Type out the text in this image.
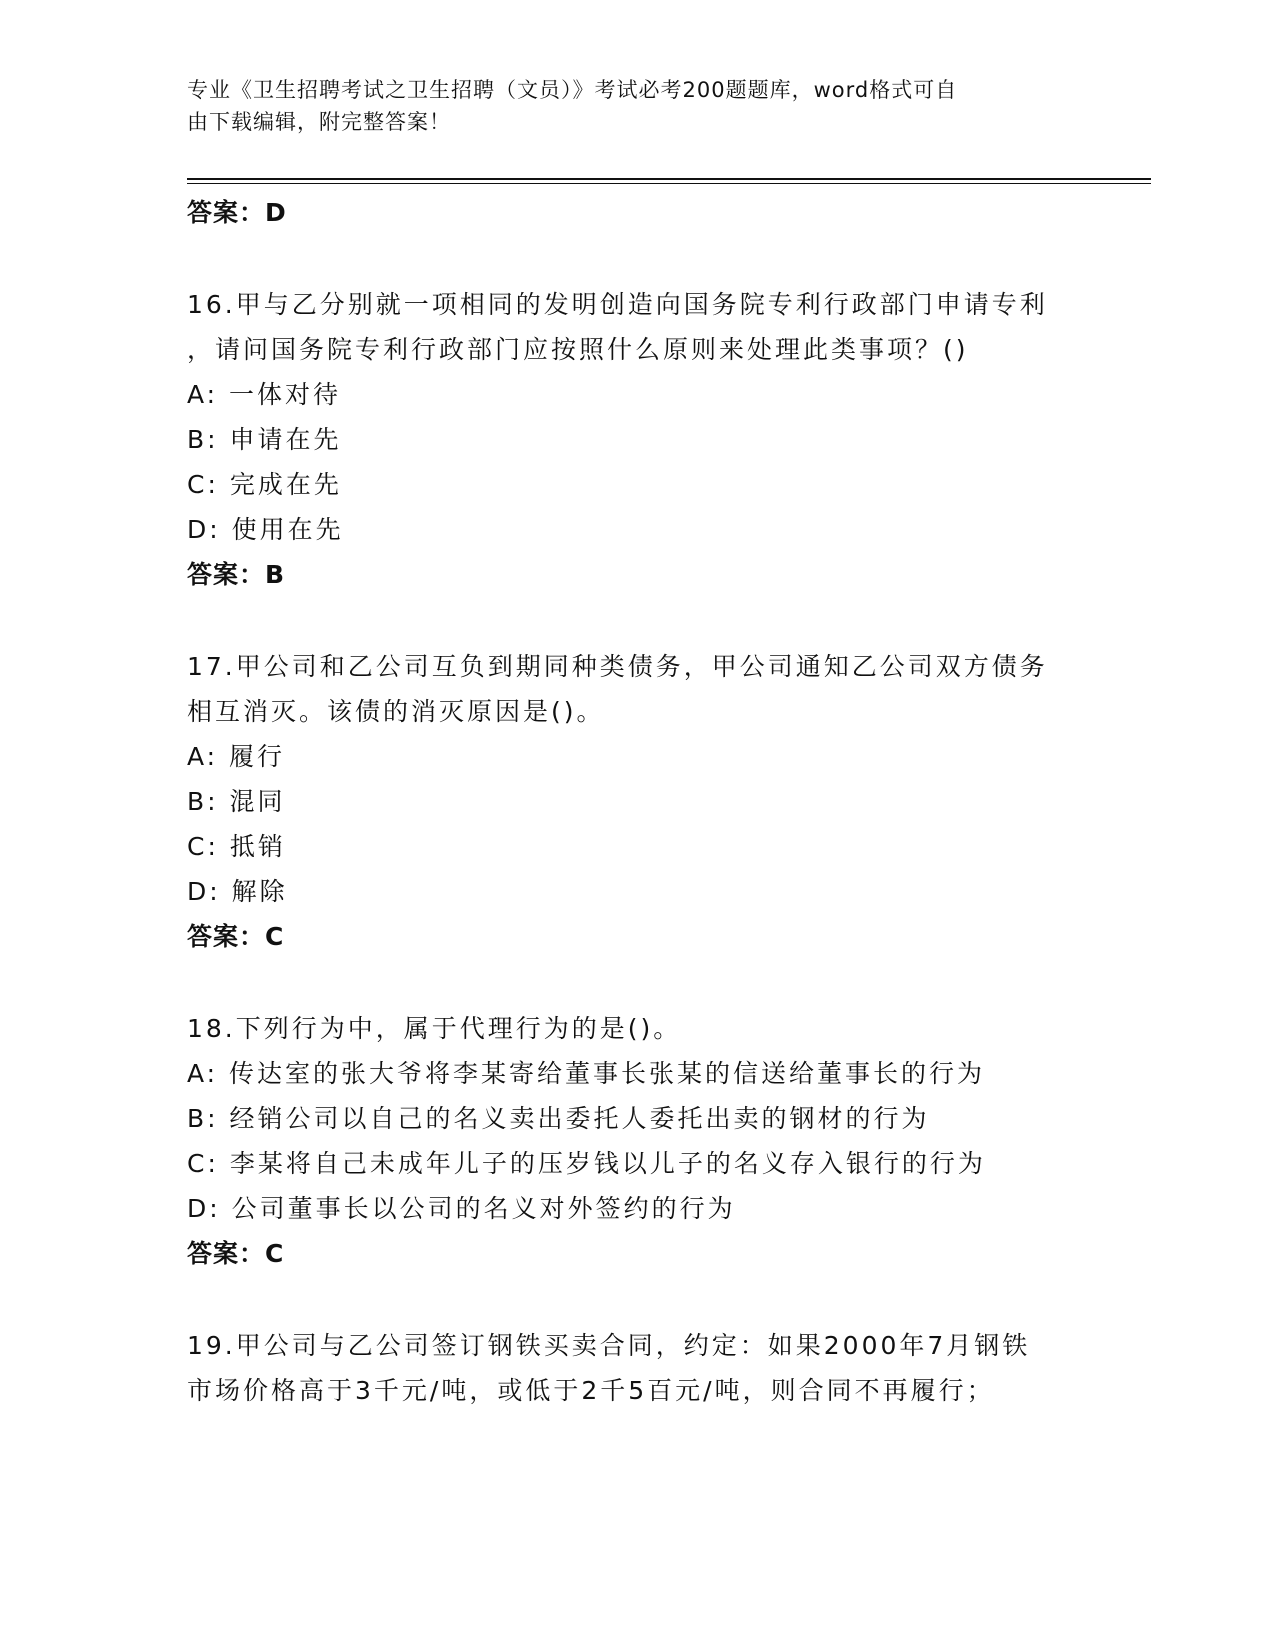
专业《卫生招聘考试之卫生招聘（文员）》考试必考200题题库，word格式可自
由下载编辑，附完整答案！
答案：D
16.甲与乙分别就一项相同的发明创造向国务院专利行政部门申请专利
，请问国务院专利行政部门应按照什么原则来处理此类事项？()
A: 一体对待
B: 申请在先
C: 完成在先
D: 使用在先
答案：B
17.甲公司和乙公司互负到期同种类债务，甲公司通知乙公司双方债务
相互消灭。该债的消灭原因是()。
A: 履行
B: 混同
C: 抵销
D: 解除
答案：C
18.下列行为中，属于代理行为的是()。
A: 传达室的张大爷将李某寄给董事长张某的信送给董事长的行为
B: 经销公司以自己的名义卖出委托人委托出卖的钢材的行为
C: 李某将自己未成年儿子的压岁钱以儿子的名义存入银行的行为
D: 公司董事长以公司的名义对外签约的行为
答案：C
19.甲公司与乙公司签订钢铁买卖合同，约定：如果2000年7月钢铁
市场价格高于3千元/吨，或低于2千5百元/吨，则合同不再履行；
